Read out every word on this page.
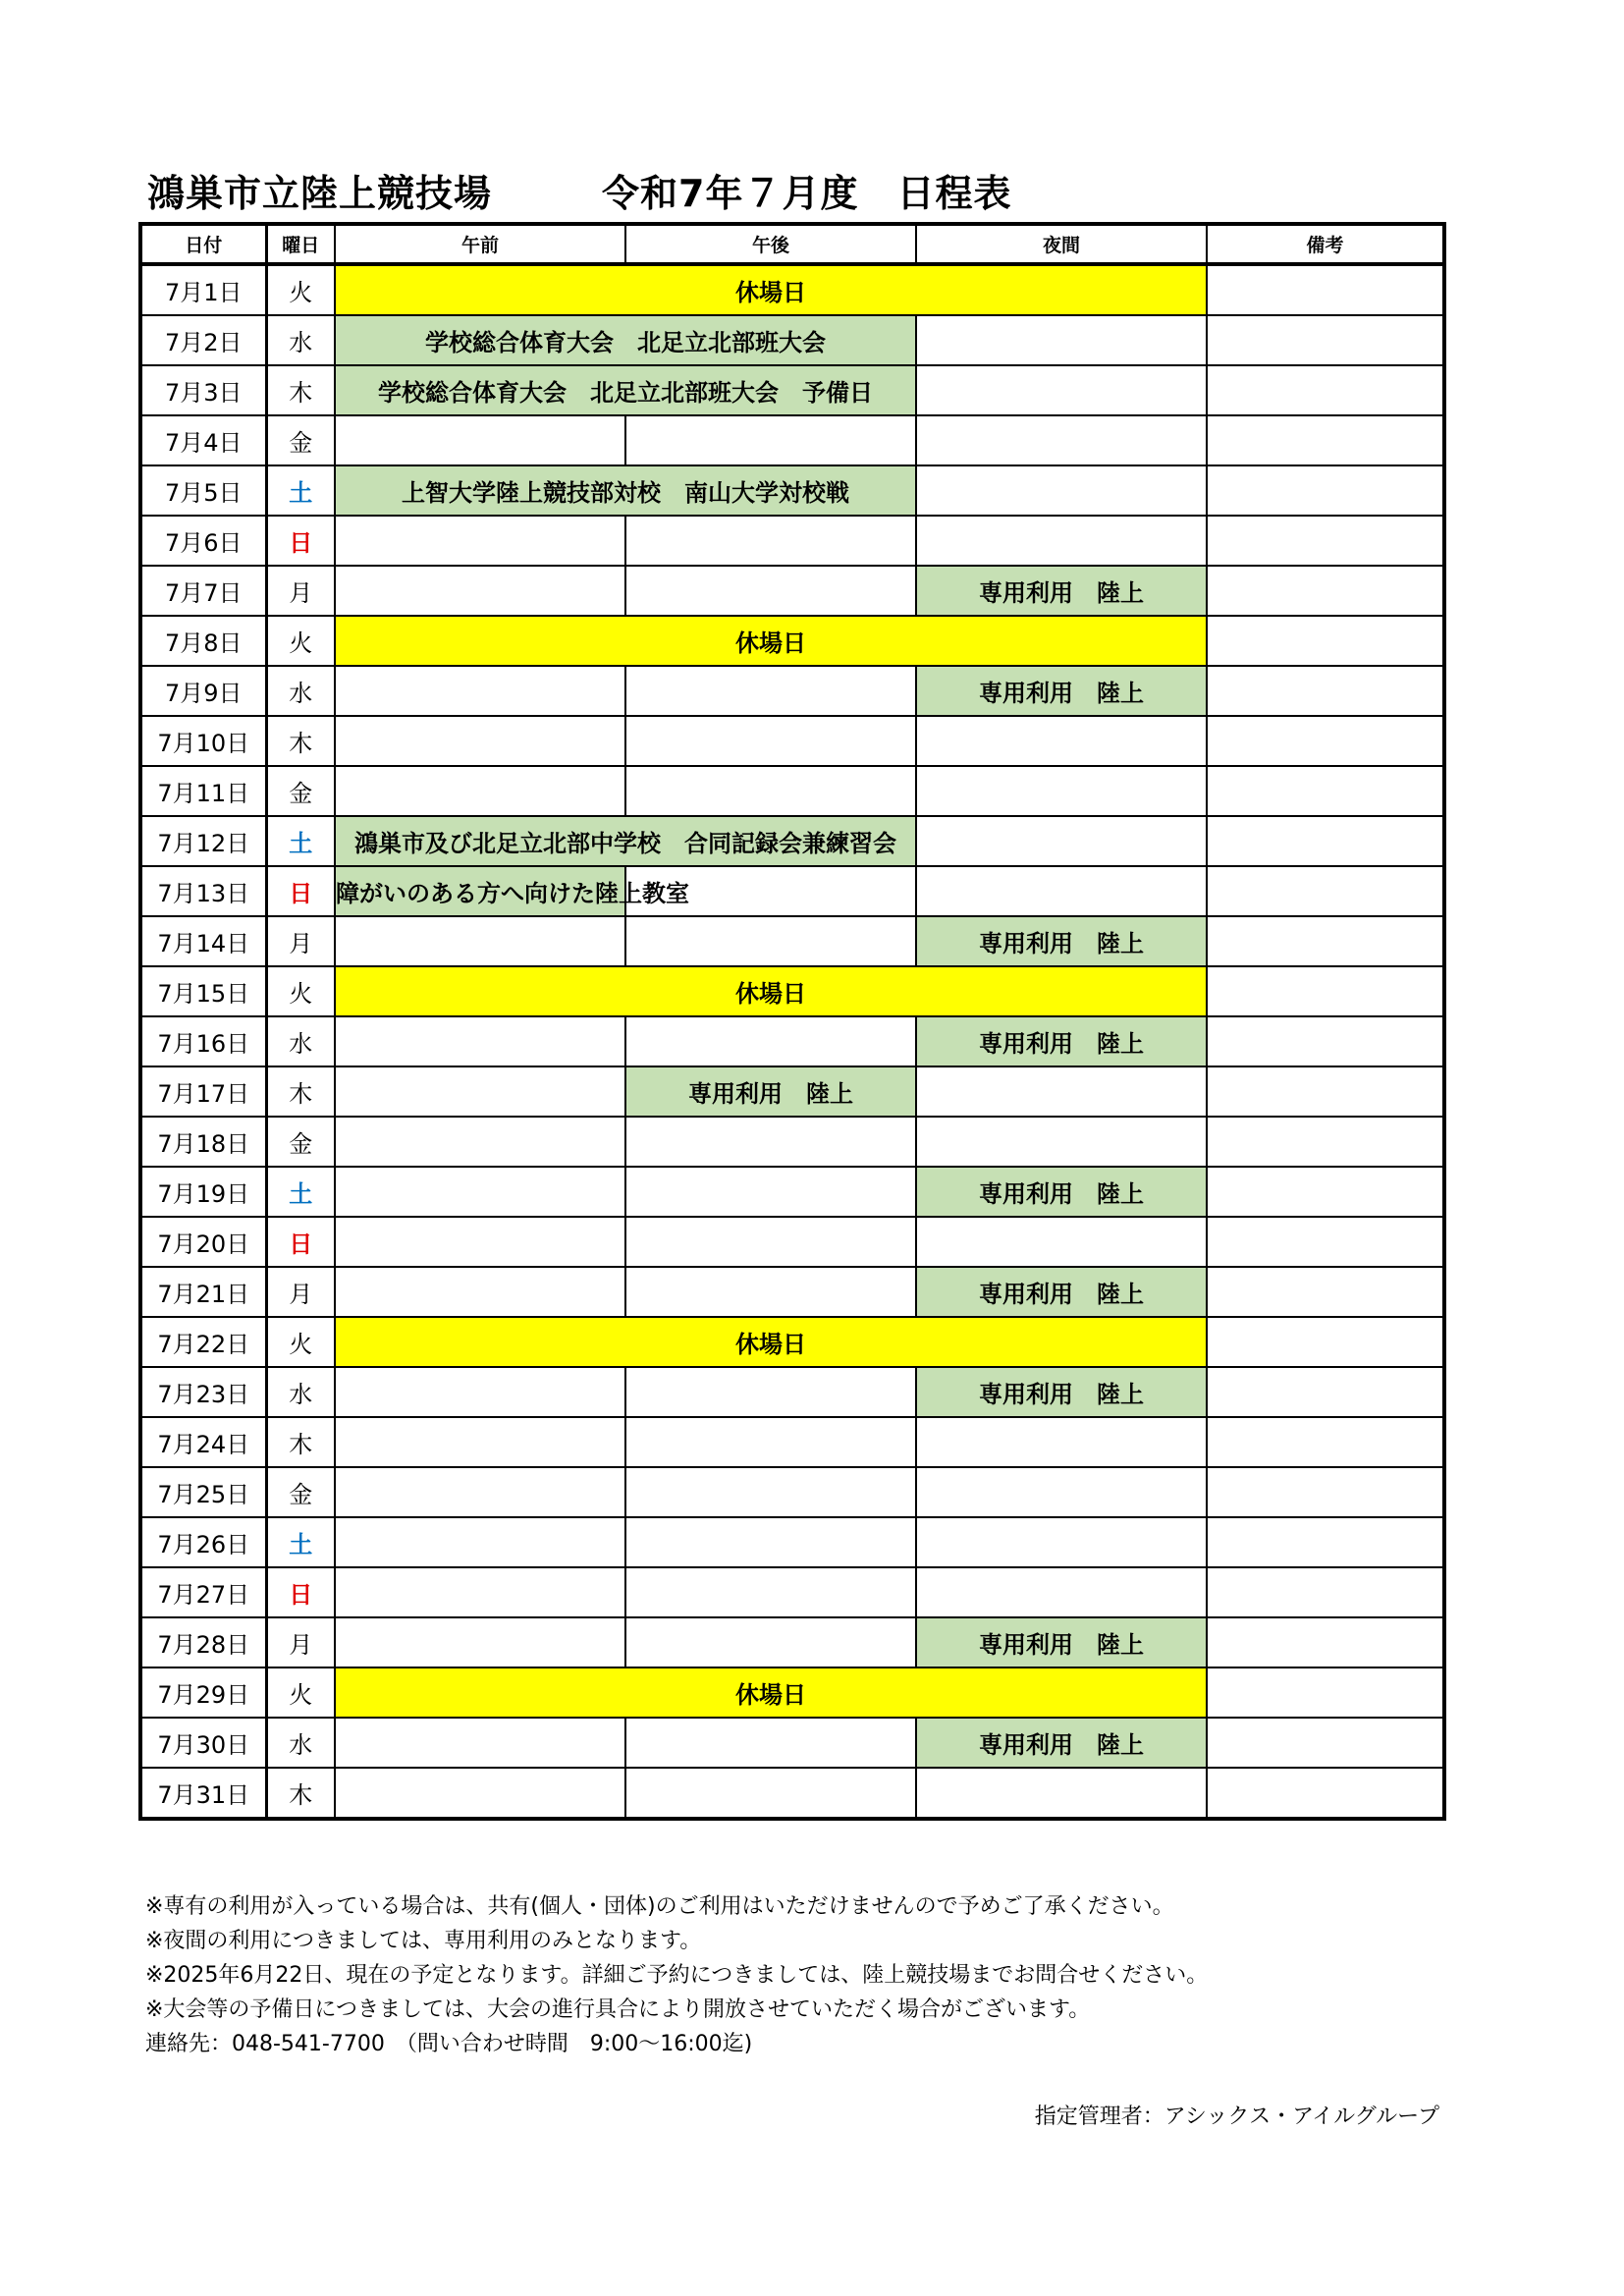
鴻巣市立陸上競技場	令和7年７月度　日程表
日付	曜日	午前	午後	夜間	備考
7月1日	火	休場日			
7月2日	水	学校総合体育大会　北足立北部班大会			
7月3日	木	学校総合体育大会　北足立北部班大会　予備日			
7月4日	金				
7月5日	土	上智大学陸上競技部対校　南山大学対校戦			
7月6日	日				
7月7日	月			専用利用　陸上	
7月8日	火	休場日			
7月9日	水			専用利用　陸上	
7月10日	木				
7月11日	金				
7月12日	土	鴻巣市及び北足立北部中学校　合同記録会兼練習会			
7月13日	日	障がいのある方へ向けた陸上教室			
7月14日	月			専用利用　陸上	
7月15日	火	休場日			
7月16日	水			専用利用　陸上	
7月17日	木		専用利用　陸上		
7月18日	金				
7月19日	土			専用利用　陸上	
7月20日	日				
7月21日	月			専用利用　陸上	
7月22日	火	休場日			
7月23日	水			専用利用　陸上	
7月24日	木				
7月25日	金				
7月26日	土				
7月27日	日				
7月28日	月			専用利用　陸上	
7月29日	火	休場日			
7月30日	水			専用利用　陸上	
7月31日	木				
※専有の利用が入っている場合は、共有(個人・団体)のご利用はいただけませんので予めご了承ください。
※夜間の利用につきましては、専用利用のみとなります。
※2025年6月22日、現在の予定となります。詳細ご予約につきましては、陸上競技場までお問合せください。
※大会等の予備日につきましては、大会の進行具合により開放させていただく場合がございます。
連絡先：048-541-7700　（問い合わせ時間　9:00～16:00迄)
指定管理者：アシックス・アイルグループ
